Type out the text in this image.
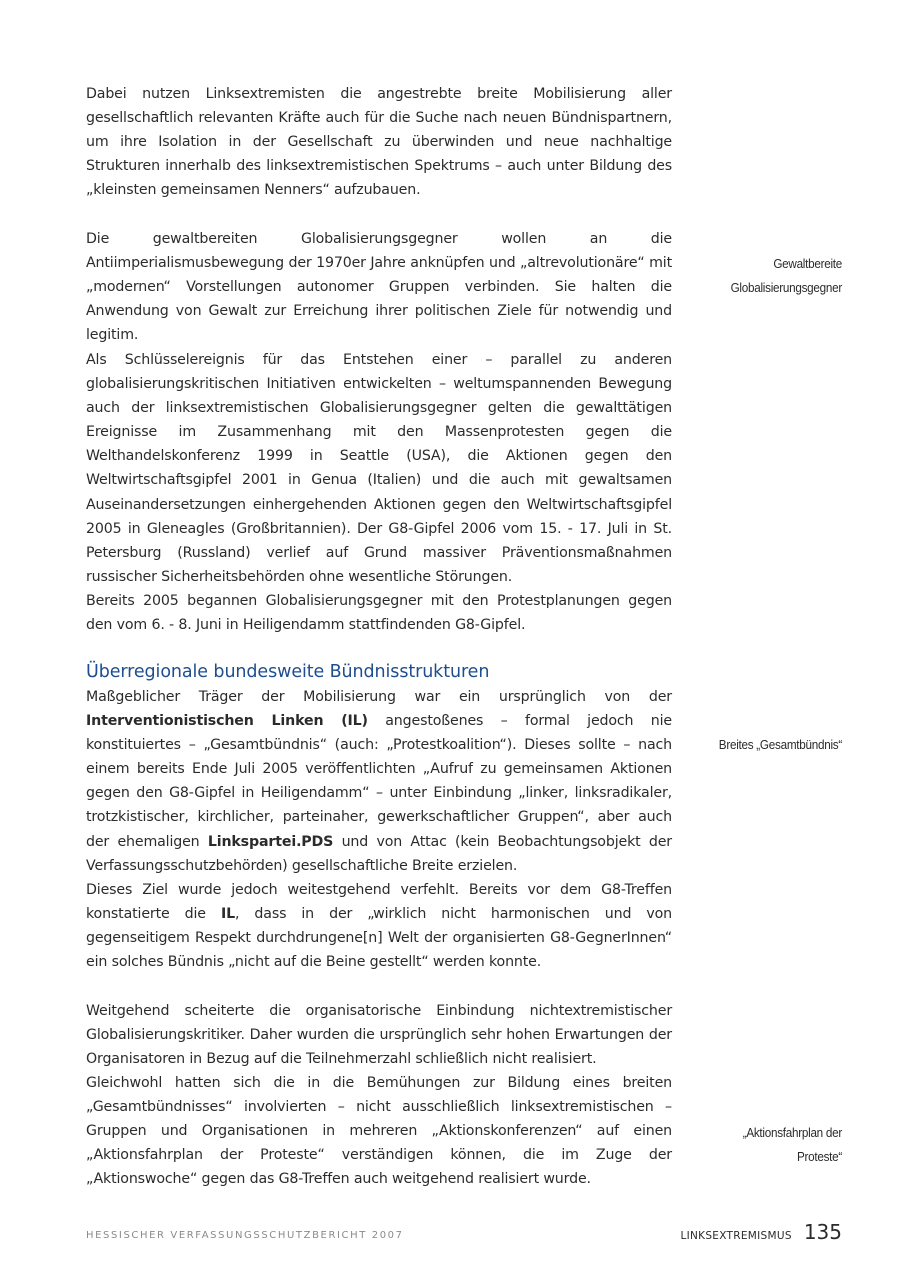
Dabei nutzen Linksextremisten die angestrebte breite Mobilisierung aller gesellschaftlich relevanten Kräfte auch für die Suche nach neuen Bündnispartnern, um ihre Isolation in der Gesellschaft zu überwinden und neue nachhaltige Strukturen innerhalb des linksextremistischen Spektrums – auch unter Bildung des „kleinsten gemeinsamen Nenners“ aufzubauen.

Die gewaltbereiten Globalisierungsgegner wollen an die Antiimperialismusbewegung der 1970er Jahre anknüpfen und „altrevolutionäre“ mit „modernen“ Vorstellungen autonomer Gruppen verbinden. Sie halten die Anwendung von Gewalt zur Erreichung ihrer politischen Ziele für notwendig und legitim.

Als Schlüsselereignis für das Entstehen einer – parallel zu anderen globalisierungskritischen Initiativen entwickelten – weltumspannenden Bewegung auch der linksextremistischen Globalisierungsgegner gelten die gewalttätigen Ereignisse im Zusammenhang mit den Massenprotesten gegen die Welthandelskonferenz 1999 in Seattle (USA), die Aktionen gegen den Weltwirtschaftsgipfel 2001 in Genua (Italien) und die auch mit gewaltsamen Auseinandersetzungen einhergehenden Aktionen gegen den Weltwirtschaftsgipfel 2005 in Gleneagles (Großbritannien). Der G8-Gipfel 2006 vom 15. - 17. Juli in St. Petersburg (Russland) verlief auf Grund massiver Präventionsmaßnahmen russischer Sicherheitsbehörden ohne wesentliche Störungen.

Bereits 2005 begannen Globalisierungsgegner mit den Protestplanungen gegen den vom 6. - 8. Juni in Heiligendamm stattfindenden G8-Gipfel.

Überregionale bundesweite Bündnisstrukturen

Maßgeblicher Träger der Mobilisierung war ein ursprünglich von der Interventionistischen Linken (IL) angestoßenes – formal jedoch nie konstituiertes – „Gesamtbündnis“ (auch: „Protestkoalition“). Dieses sollte – nach einem bereits Ende Juli 2005 veröffentlichten „Aufruf zu gemeinsamen Aktionen gegen den G8-Gipfel in Heiligendamm“ – unter Einbindung „linker, linksradikaler, trotzkistischer, kirchlicher, parteinaher, gewerkschaftlicher Gruppen“, aber auch der ehemaligen Linkspartei.PDS und von Attac (kein Beobachtungsobjekt der Verfassungsschutzbehörden) gesellschaftliche Breite erzielen.

Dieses Ziel wurde jedoch weitestgehend verfehlt. Bereits vor dem G8-Treffen konstatierte die IL, dass in der „wirklich nicht harmonischen und von gegenseitigem Respekt durchdrungene[n] Welt der organisierten G8-GegnerInnen“ ein solches Bündnis „nicht auf die Beine gestellt“ werden konnte.

Weitgehend scheiterte die organisatorische Einbindung nichtextremistischer Globalisierungskritiker. Daher wurden die ursprünglich sehr hohen Erwartungen der Organisatoren in Bezug auf die Teilnehmerzahl schließlich nicht realisiert.

Gleichwohl hatten sich die in die Bemühungen zur Bildung eines breiten „Gesamtbündnisses“ involvierten – nicht ausschließlich linksextremistischen – Gruppen und Organisationen in mehreren „Aktionskonferenzen“ auf einen „Aktionsfahrplan der Proteste“ verständigen können, die im Zuge der „Aktionswoche“ gegen das G8-Treffen auch weitgehend realisiert wurde.

Gewaltbereite
Globalisierungsgegner
Breites „Gesamtbündnis“
„Aktionsfahrplan der
Proteste“
HESSISCHER VERFASSUNGSSCHUTZBERICHT 2007	LINKSEXTREMISMUS 135
